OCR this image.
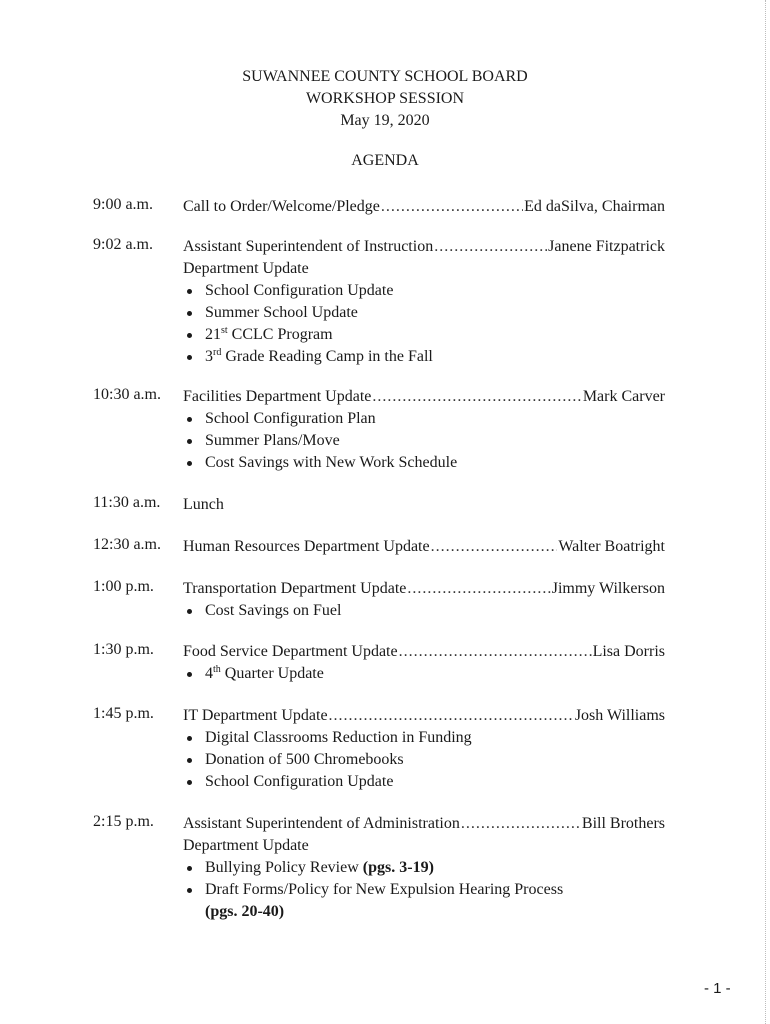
SUWANNEE COUNTY SCHOOL BOARD
WORKSHOP SESSION
May 19, 2020
AGENDA
9:00 a.m. Call to Order/Welcome/Pledge .....	Ed daSilva, Chairman
9:02 a.m. Assistant Superintendent of Instruction .....	Janene Fitzpatrick
Department Update
School Configuration Update
Summer School Update
21st CCLC Program
3rd Grade Reading Camp in the Fall
10:30 a.m. Facilities Department Update .....	Mark Carver
School Configuration Plan
Summer Plans/Move
Cost Savings with New Work Schedule
11:30 a.m. Lunch
12:30 a.m. Human Resources Department Update .....	Walter Boatright
1:00 p.m. Transportation Department Update .....	Jimmy Wilkerson
Cost Savings on Fuel
1:30 p.m. Food Service Department Update .....	Lisa Dorris
4th Quarter Update
1:45 p.m. IT Department Update .....	Josh Williams
Digital Classrooms Reduction in Funding
Donation of 500 Chromebooks
School Configuration Update
2:15 p.m. Assistant Superintendent of Administration .....	Bill Brothers
Department Update
Bullying Policy Review (pgs. 3-19)
Draft Forms/Policy for New Expulsion Hearing Process
(pgs. 20-40)
- 1 -
